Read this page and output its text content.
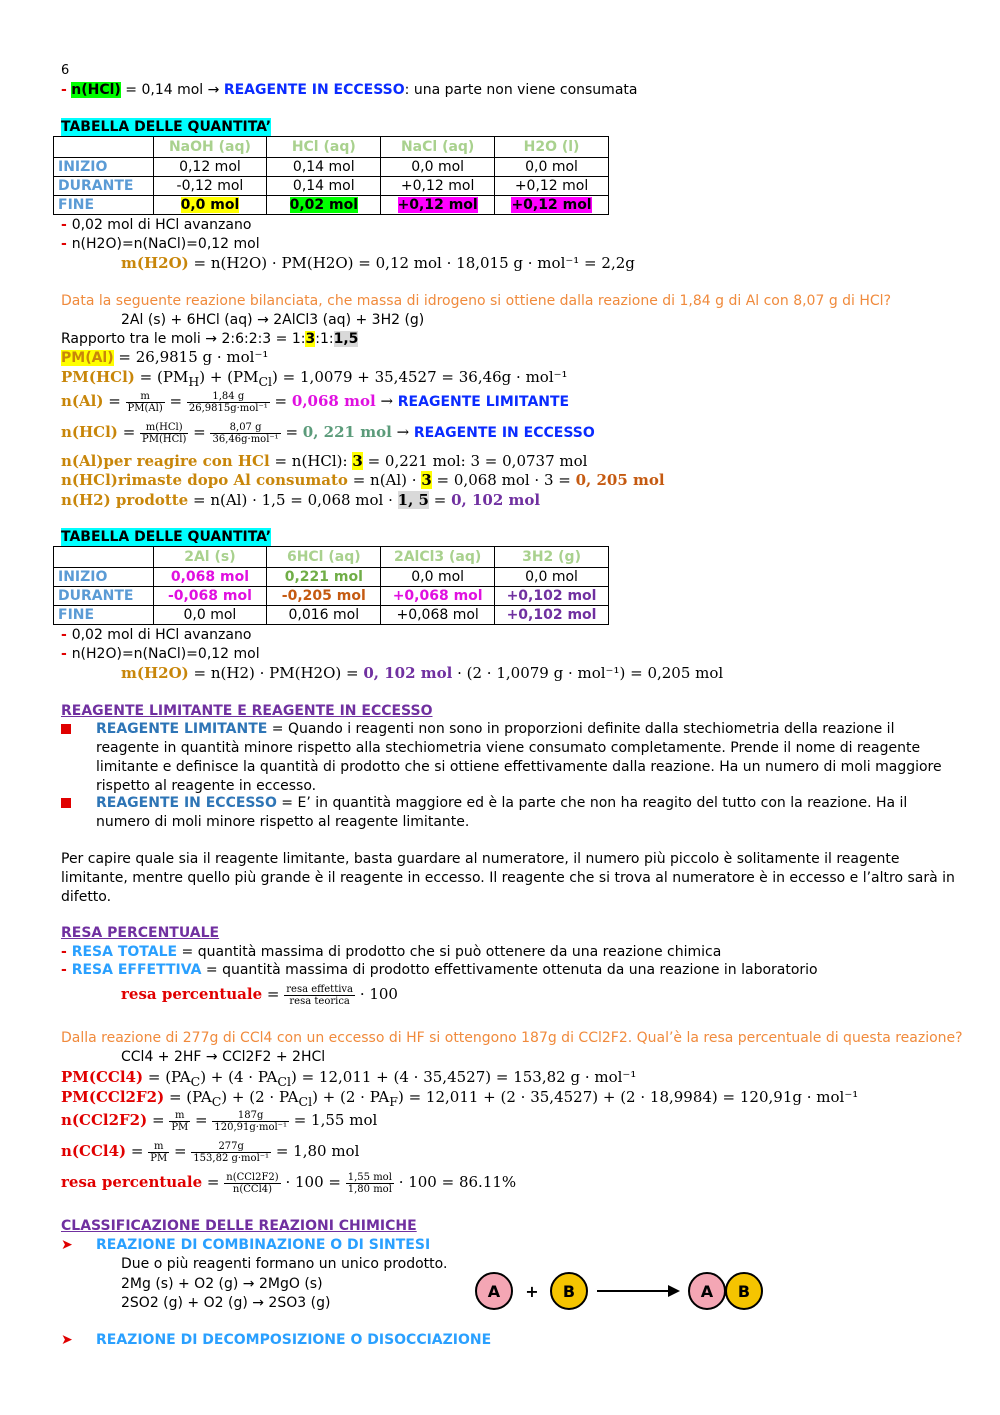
6
- n(HCl) = 0,14 mol → REAGENTE IN ECCESSO: una parte non viene consumata
TABELLA DELLE QUANTITA’
	NaOH (aq)	HCl (aq)	NaCl (aq)	H2O (l)
INIZIO	0,12 mol	0,14 mol	0,0 mol	0,0 mol
DURANTE	-0,12 mol	0,14 mol	+0,12 mol	+0,12 mol
FINE	0,0 mol	0,02 mol	+0,12 mol	+0,12 mol
- 0,02 mol di HCl avanzano
- n(H2O)=n(NaCl)=0,12 mol
m(H2O) = n(H2O) · PM(H2O) = 0,12 mol · 18,015 g · mol⁻¹ = 2,2g
Data la seguente reazione bilanciata, che massa di idrogeno si ottiene dalla reazione di 1,84 g di Al con 8,07 g di HCl?
2Al (s) + 6HCl (aq) → 2AlCl3 (aq) + 3H2 (g)
Rapporto tra le moli → 2:6:2:3 = 1:3:1:1,5
PM(Al) = 26,9815 g · mol⁻¹
$PM(HCl) = (PM_H) + (PM_{Cl}) = 1,0079 + 35,4527 = 36,46g \cdot mol^{-1}$
$n(Al) = \frac{m}{PM(Al)} = \frac{1,84 g}{\text{26,9815g·mol⁻¹}} = 0,068$ mol → REAGENTE LIMITANTE
$n(HCl) = \frac{\text{m(HCl)}}{\text{PM(HCl)}} = \frac{8,07 g}{\text{36,46g·mol⁻¹}} = 0$, 221 mol → REAGENTE IN ECCESSO
n(Al)per reagire con HCl = n(HCl): 3 = 0,221 mol: 3 = 0,0737 mol
n(HCl)rimaste dopo Al consumato = n(Al) · 3 = 0,068 mol · 3 = 0, 205 mol
n(H2) prodotte = n(Al) · 1,5 = 0,068 mol · 1, 5 = 0, 102 mol
TABELLA DELLE QUANTITA’
	2Al (s)	6HCl (aq)	2AlCl3 (aq)	3H2 (g)
INIZIO	0,068 mol	0,221 mol	0,0 mol	0,0 mol
DURANTE	-0,068 mol	-0,205 mol	+0,068 mol	+0,102 mol
FINE	0,0 mol	0,016 mol	+0,068 mol	+0,102 mol
- 0,02 mol di HCl avanzano
- n(H2O)=n(NaCl)=0,12 mol
m(H2O) = n(H2) · PM(H2O) = 0, 102 mol · (2 · 1,0079 g · mol⁻¹) = 0,205 mol
REAGENTE LIMITANTE E REAGENTE IN ECCESSO
REAGENTE LIMITANTE = Quando i reagenti non sono in proporzioni definite dalla stechiometria della reazione il
reagente in quantità minore rispetto alla stechiometria viene consumato completamente. Prende il nome di reagente
limitante e definisce la quantità di prodotto che si ottiene effettivamente dalla reazione. Ha un numero di moli maggiore
rispetto al reagente in eccesso.
REAGENTE IN ECCESSO = E’ in quantità maggiore ed è la parte che non ha reagito del tutto con la reazione. Ha il
numero di moli minore rispetto al reagente limitante.
Per capire quale sia il reagente limitante, basta guardare al numeratore, il numero più piccolo è solitamente il reagente
limitante, mentre quello più grande è il reagente in eccesso. Il reagente che si trova al numeratore è in eccesso e l’altro sarà in
difetto.
RESA PERCENTUALE
- RESA TOTALE = quantità massima di prodotto che si può ottenere da una reazione chimica
- RESA EFFETTIVA = quantità massima di prodotto effettivamente ottenuta da una reazione in laboratorio
resa percentuale = $\frac{\text{resa effettiva}}{\text{resa teorica}} \cdot 100$
Dalla reazione di 277g di CCl4 con un eccesso di HF si ottengono 187g di CCl2F2. Qual’è la resa percentuale di questa reazione?
CCl4 + 2HF → CCl2F2 + 2HCl
$PM(CCl4) = (PA_C) + (4 \cdot PA_{Cl}) = 12,011 + (4 \cdot 35,4527) = 153,82$ g · mol⁻¹
$PM(CCl2F2) = (PA_C) + (2 \cdot PA_{Cl}) + (2 \cdot PA_F) = 12,011 + (2 \cdot 35,4527) + (2 \cdot 18,9984) = 120,91g \cdot mol^{-1}$
$n(CCl2F2) = \frac{m}{PM} = \frac{187g}{\text{120,91g·mol⁻¹}} = 1,55$ mol
$n(CCl4) = \frac{m}{PM} = \frac{277g}{\text{153,82 g·mol⁻¹}} = 1,80$ mol
resa percentuale = $\frac{\text{n(CCl2F2)}}{\text{n(CCl4)}} \cdot 100 = \frac{\text{1,55 mol}}{\text{1,80 mol}} \cdot 100 = 86.11\%$
CLASSIFICAZIONE DELLE REAZIONI CHIMICHE
➤ REAZIONE DI COMBINAZIONE O DI SINTESI
Due o più reagenti formano un unico prodotto.
2Mg (s) + O2 (g) → 2MgO (s)
2SO2 (g) + O2 (g) → 2SO3 (g)
A + B	A B
➤ REAZIONE DI DECOMPOSIZIONE O DISOCCIAZIONE
